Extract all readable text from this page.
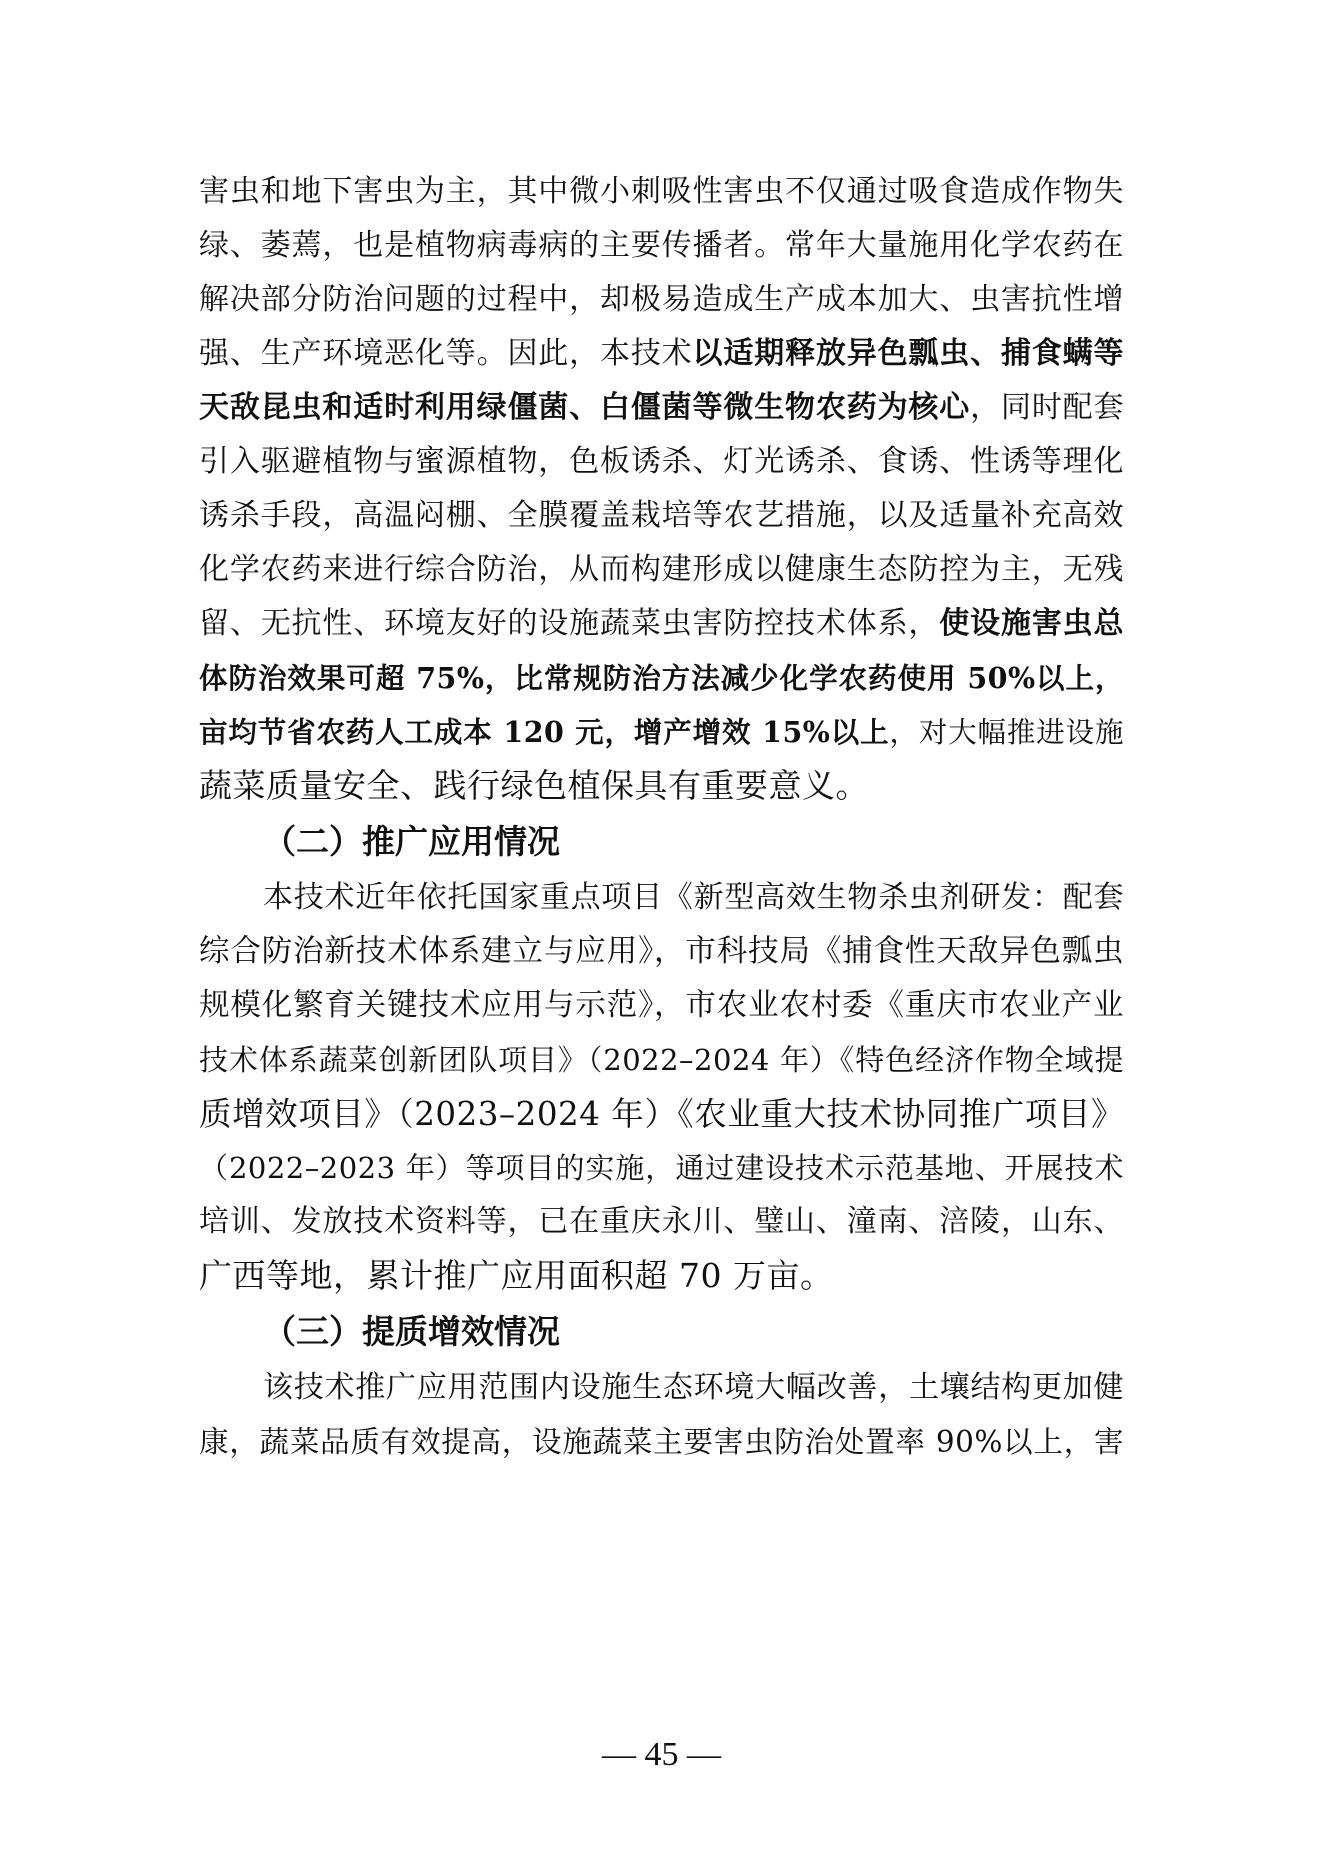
害虫和地下害虫为主，其中微小刺吸性害虫不仅通过吸食造成作物失
绿、萎蔫，也是植物病毒病的主要传播者。常年大量施用化学农药在
解决部分防治问题的过程中，却极易造成生产成本加大、虫害抗性增
强、生产环境恶化等。因此，本技术以适期释放异色瓢虫、捕食螨等
天敌昆虫和适时利用绿僵菌、白僵菌等微生物农药为核心，同时配套
引入驱避植物与蜜源植物，色板诱杀、灯光诱杀、食诱、性诱等理化
诱杀手段，高温闷棚、全膜覆盖栽培等农艺措施，以及适量补充高效
化学农药来进行综合防治，从而构建形成以健康生态防控为主，无残
留、无抗性、环境友好的设施蔬菜虫害防控技术体系，使设施害虫总
体防治效果可超 75%，比常规防治方法减少化学农药使用 50%以上，
亩均节省农药人工成本 120 元，增产增效 15%以上，对大幅推进设施
蔬菜质量安全、践行绿色植保具有重要意义。
（二）推广应用情况
本技术近年依托国家重点项目《新型高效生物杀虫剂研发：配套
综合防治新技术体系建立与应用》，市科技局《捕食性天敌异色瓢虫
规模化繁育关键技术应用与示范》，市农业农村委《重庆市农业产业
技术体系蔬菜创新团队项目》（2022–2024 年）《特色经济作物全域提
质增效项目》（2023–2024 年）《农业重大技术协同推广项目》
（2022–2023 年）等项目的实施，通过建设技术示范基地、开展技术
培训、发放技术资料等，已在重庆永川、璧山、潼南、涪陵，山东、
广西等地，累计推广应用面积超 70 万亩。
（三）提质增效情况
该技术推广应用范围内设施生态环境大幅改善，土壤结构更加健
康，蔬菜品质有效提高，设施蔬菜主要害虫防治处置率 90%以上，害
— 45 —
